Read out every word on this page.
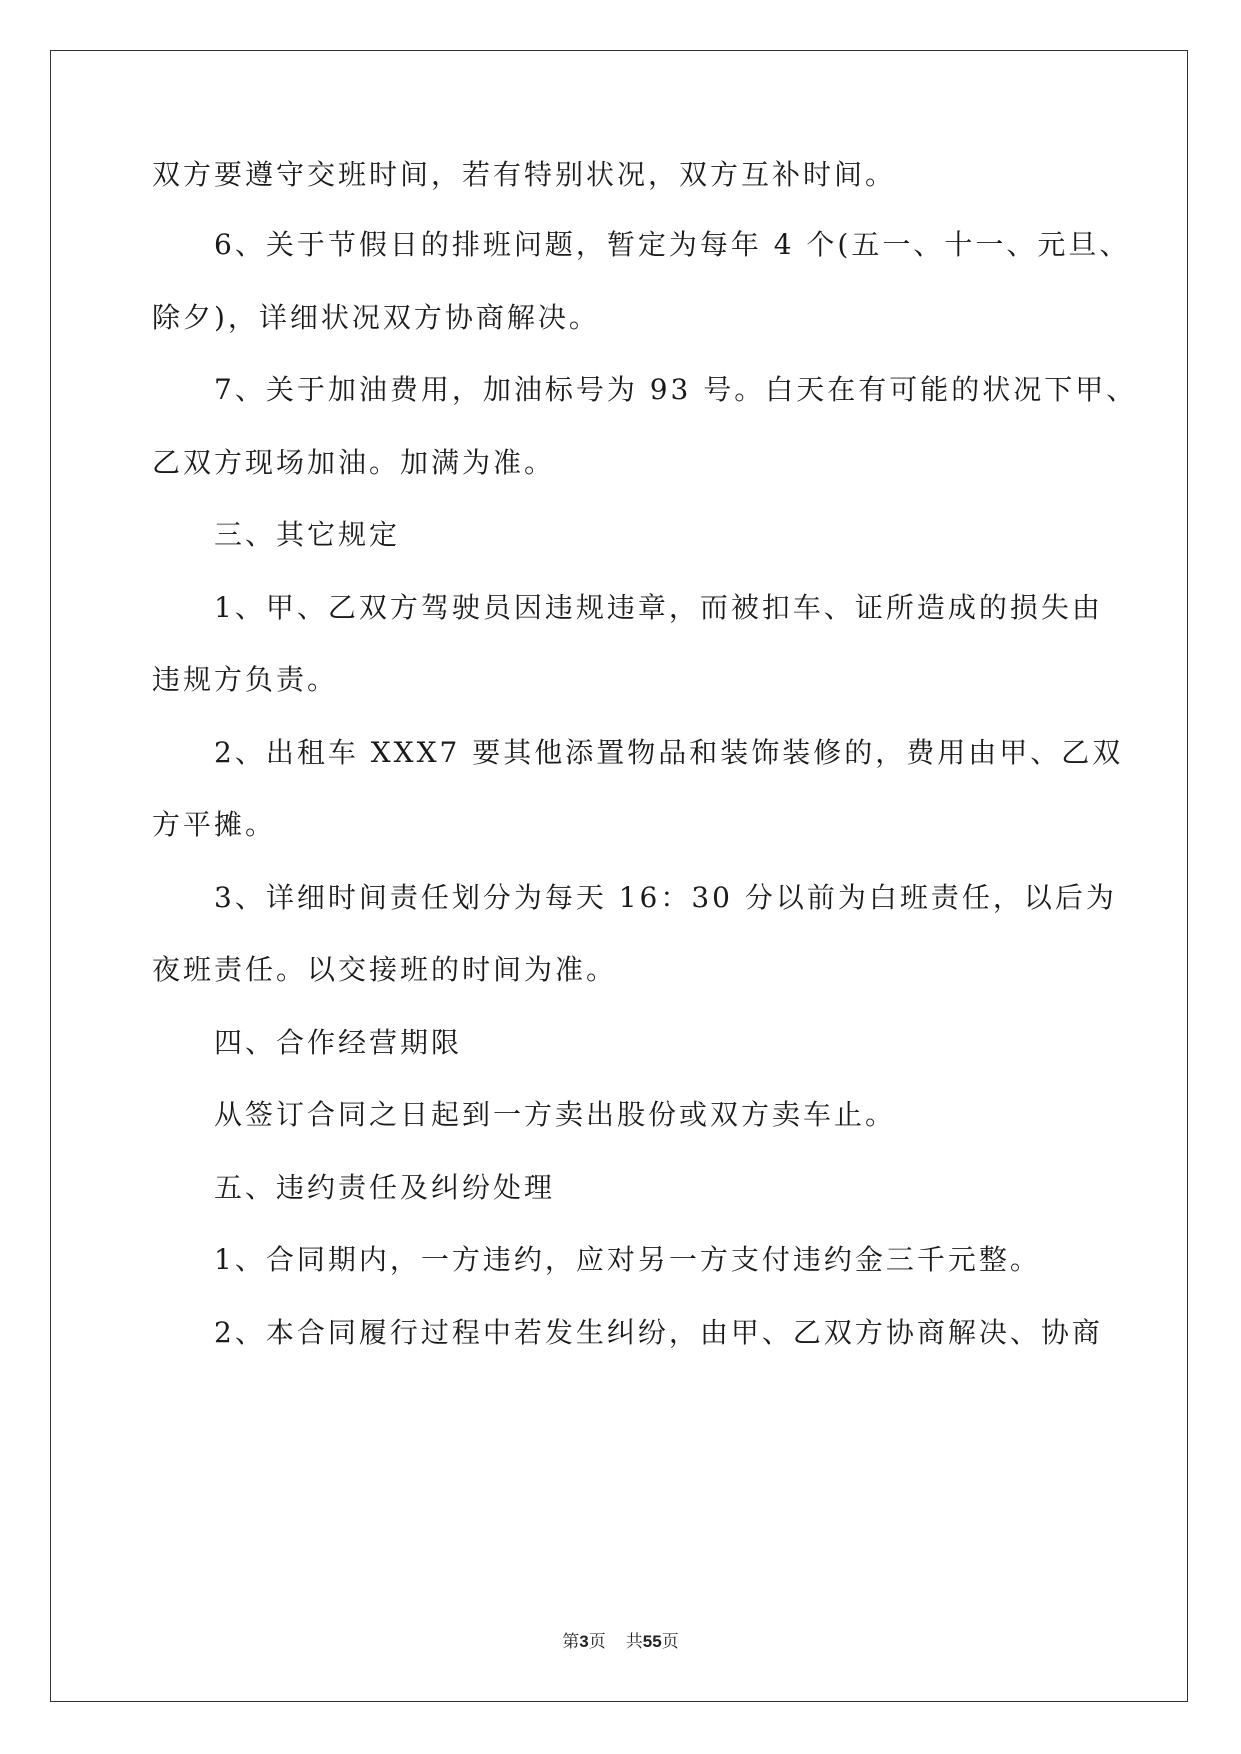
双方要遵守交班时间，若有特别状况，双方互补时间。
6、关于节假日的排班问题，暂定为每年 4 个(五一、十一、元旦、
除夕)，详细状况双方协商解决。
7、关于加油费用，加油标号为 93 号。白天在有可能的状况下甲、
乙双方现场加油。加满为准。
三、其它规定
1、甲、乙双方驾驶员因违规违章，而被扣车、证所造成的损失由
违规方负责。
2、出租车 XXX7 要其他添置物品和装饰装修的，费用由甲、乙双
方平摊。
3、详细时间责任划分为每天 16：30 分以前为白班责任，以后为
夜班责任。以交接班的时间为准。
四、合作经营期限
从签订合同之日起到一方卖出股份或双方卖车止。
五、违约责任及纠纷处理
1、合同期内，一方违约，应对另一方支付违约金三千元整。
2、本合同履行过程中若发生纠纷，由甲、乙双方协商解决、协商
第3页 共55页
